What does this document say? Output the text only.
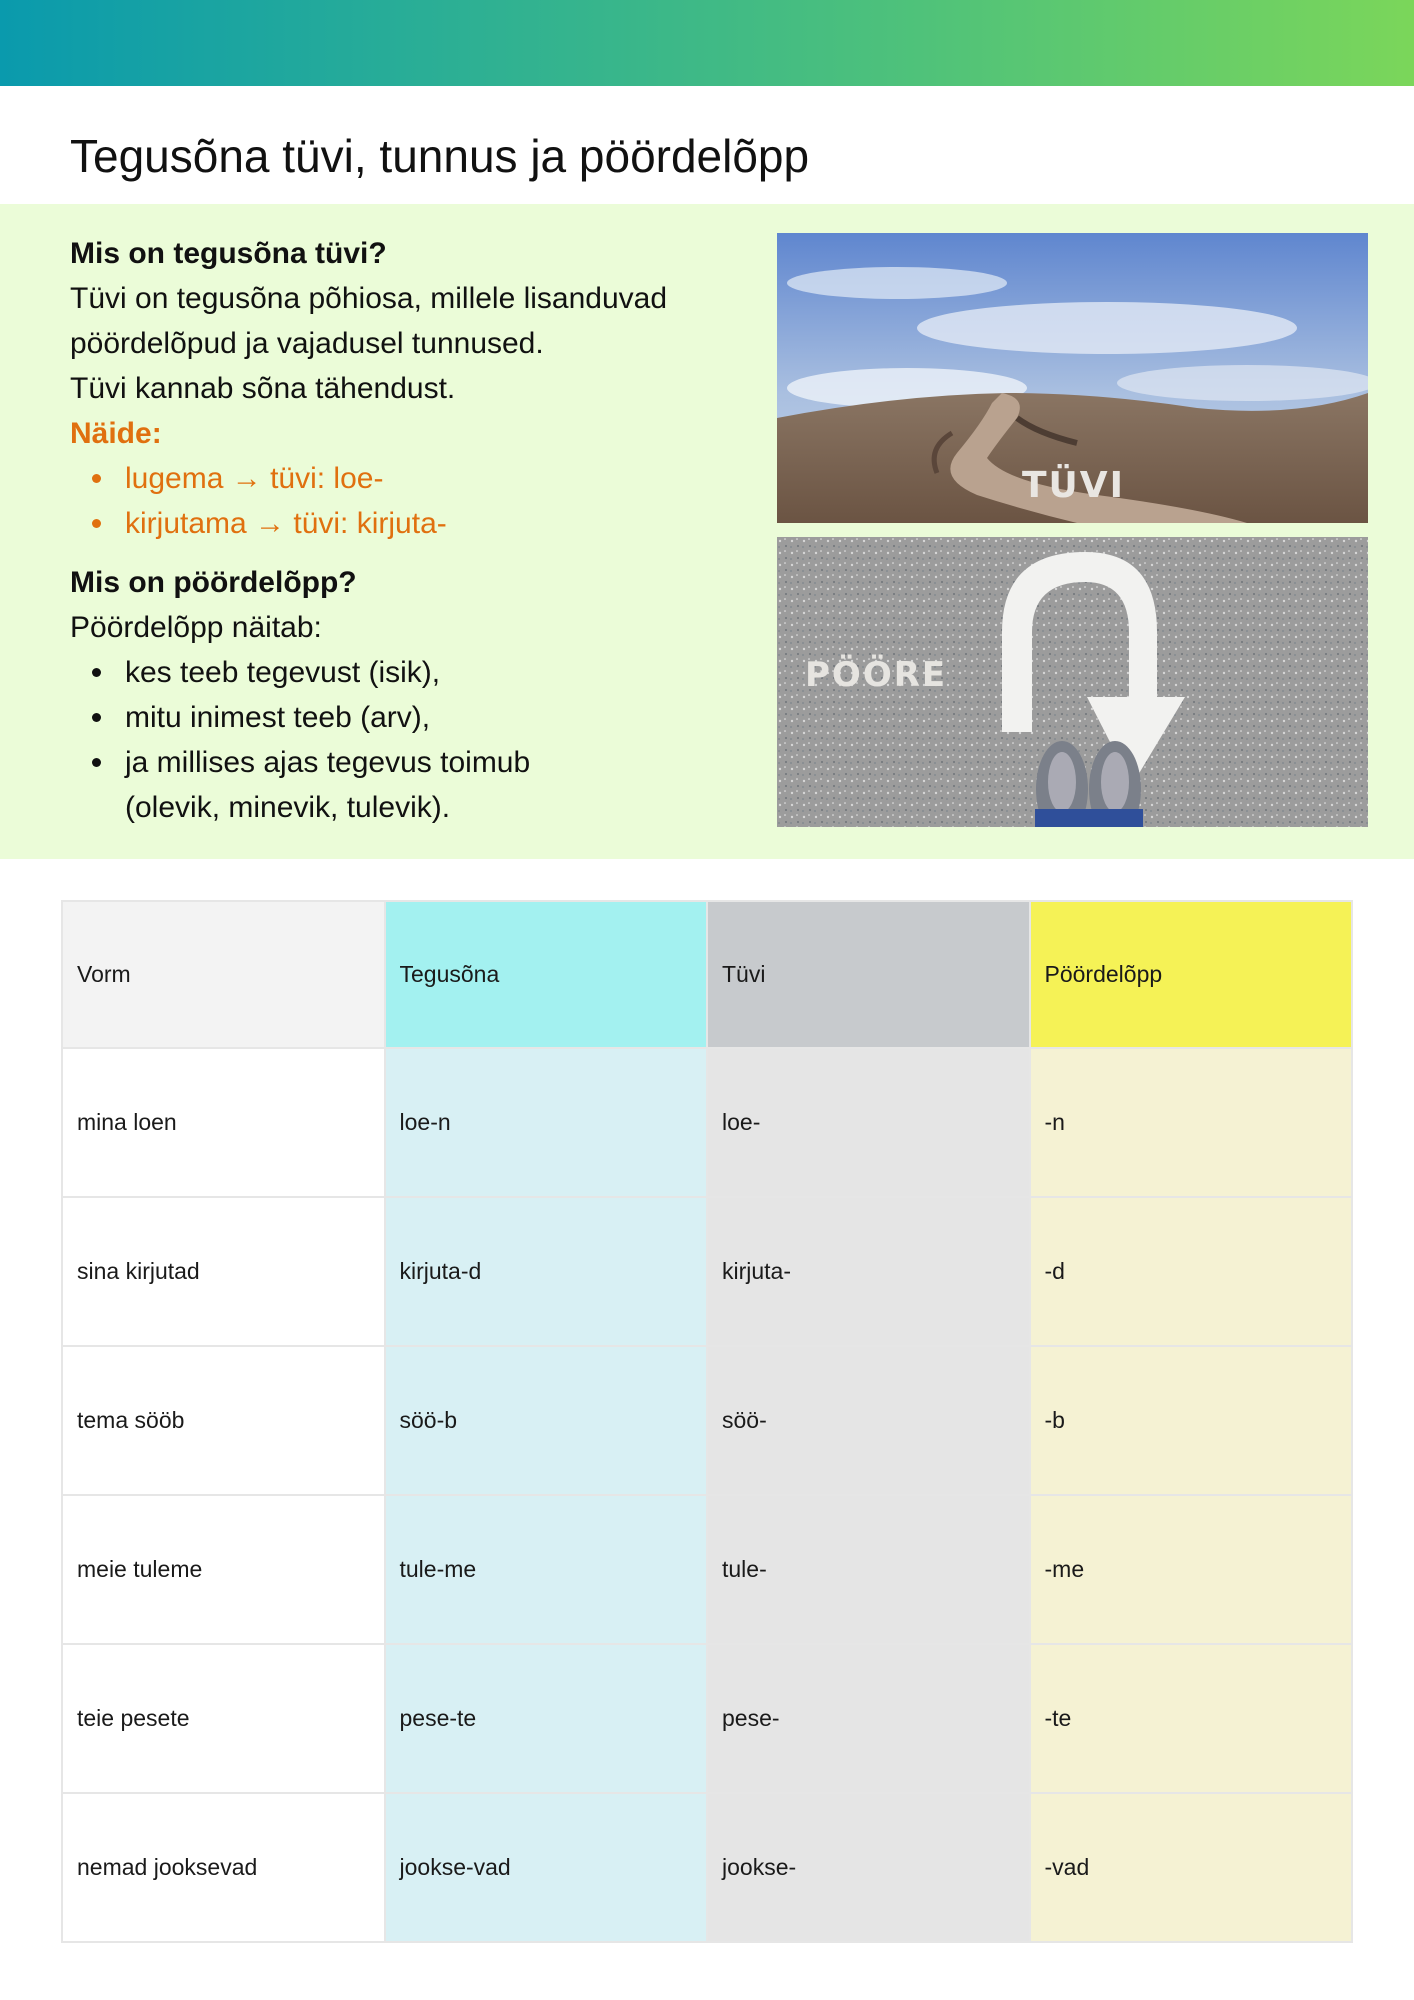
Tegusõna tüvi, tunnus ja pöördelõpp

Mis on tegusõna tüvi?

Tüvi on tegusõna põhiosa, millele lisanduvad

pöördelõpud ja vajadusel tunnused.

Tüvi kannab sõna tähendust.

Näide:

lugema → tüvi: loe-
kirjutama → tüvi: kirjuta-

Mis on pöördelõpp?

Pöördelõpp näitab:

kes teeb tegevust (isik),
mitu inimest teeb (arv),
ja millises ajas tegevus toimub (olevik, minevik, tulevik).
TÜVI
PÖÖRE
Vorm	Tegusõna	Tüvi	Pöördelõpp
mina loen	loe-n	loe-	-n
sina kirjutad	kirjuta-d	kirjuta-	-d
tema sööb	söö-b	söö-	-b
meie tuleme	tule-me	tule-	-me
teie pesete	pese-te	pese-	-te
nemad jooksevad	jookse-vad	jookse-	-vad
